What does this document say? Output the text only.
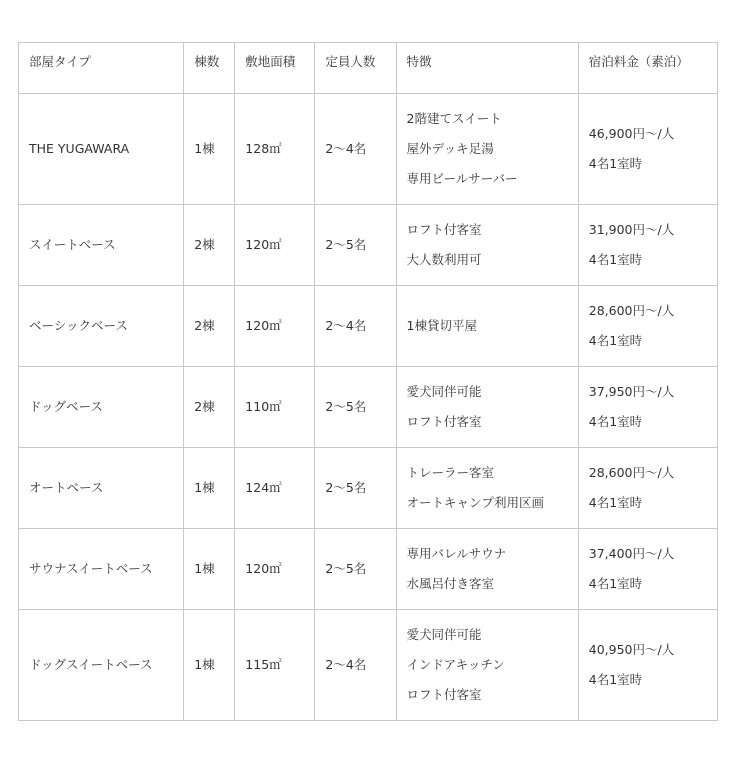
部屋タイプ	棟数	敷地面積	定員人数	特徴	宿泊料金（素泊）
THE YUGAWARA	1棟	128㎡	2〜4名	2階建てスイート
屋外デッキ足湯
専用ビールサーバー	46,900円〜/人
4名1室時

スイートベース	2棟	120㎡	2〜5名	ロフト付客室
大人数利用可	31,900円〜/人
4名1室時

ベーシックベース	2棟	120㎡	2〜4名	1棟貸切平屋	28,600円〜/人
4名1室時

ドッグベース	2棟	110㎡	2〜5名	愛犬同伴可能
ロフト付客室	37,950円〜/人
4名1室時

オートベース	1棟	124㎡	2〜5名	トレーラー客室
オートキャンプ利用区画	28,600円〜/人
4名1室時

サウナスイートベース	1棟	120㎡	2〜5名	専用バレルサウナ
水風呂付き客室	37,400円〜/人
4名1室時

ドッグスイートベース	1棟	115㎡	2〜4名	愛犬同伴可能
インドアキッチン
ロフト付客室	40,950円〜/人
4名1室時
